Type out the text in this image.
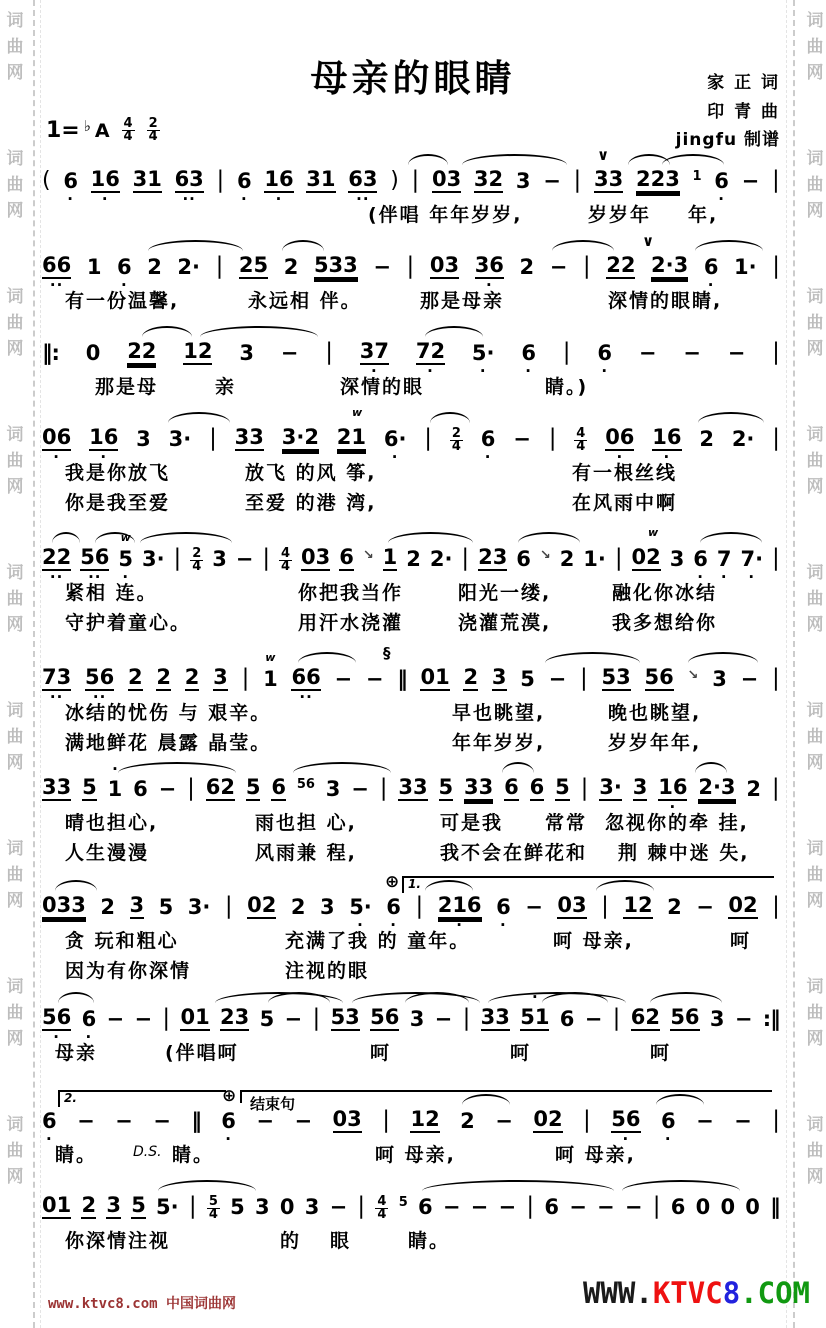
词
曲
网
词
曲
网
词
曲
网
词
曲
网
词
曲
网
词
曲
网
词
曲
网
词
曲
网
词
曲
网
词
曲
网
词
曲
网
词
曲
网
词
曲
网
词
曲
网
词
曲
网
词
曲
网
词
曲
网
词
曲
网
母亲的眼睛	家 正 词
印 青 曲
jingfu 制谱
1= ♭ A $\frac{4}{4} \frac{2}{4}$
∨
( 6
·
16
·
31 63
··
| 6
·
16
·
31 63
··
) | 03 32 3 − | 33 223 1 6
·
− |
(伴唱 年年岁岁,	岁岁年 年,
∨
66
··
1 6
·
2 2· | 25 2 533 − | 03 36
·
2 − | 22 2·3 6
·
1· |
有一份温馨,	永远相 伴。	那是母亲	深情的眼睛,
‖: 0 22 12 3 − | 37
·
72
·
5·
·
6
·
| 6
·
− − − |
那是母	亲	深情的眼	睛。)
w
06
·
16
·
3 3· | 33 3·2 21 6·
·
| $\frac{2}{4} 6$
·
− | $\frac{4}{4} 06$
·
16
·
2 2· |
我是你放飞	放飞 的风 筝,	有一根丝线
你是我至爱	至爱 的港 湾,	在风雨中啊
w
22
··
56
··
5
·
w
3· | $\frac{2}{4} 3$ − | $\frac{4}{4} 03$ 6 ↘ 1 2 2· | 23 6 ↘ 2 1· | 02 3 6
·
7
·
7·
·
|
紧相 连。	你把我当作	阳光一缕,	融化你冰结
守护着童心。	用汗水浇灌	浇灌荒漠,	我多想给你
§
73
··
56
··
2 2 2 3 | 1
w
66
··
− − ‖ 01 2 3 5 − | 53 56 ↘ 3 − |
冰结的忧伤 与 艰辛。	早也眺望,	晚也眺望,
满地鲜花 晨露 晶莹。	年年岁岁,	岁岁年年,
33 5 1
·
6 − | 62 5 6 56 3 − | 33 5 33 6 6 5 | 3· 3 16
·
2·3 2 |
晴也担心,	雨也担 心,	可是我 常常 忽视你的牵 挂,
人生漫漫	风雨兼 程,	我不会在鲜花和 荆 棘中迷 失,
⊕ 1.
033 2 3 5 3· | 02 2 3 5·
·
6
·
| 216
·
6
·
− 03 | 12 2 − 02 |
贪 玩和粗心	充满了我 的 童年。	呵 母亲,	呵
因为有你深情	注视的眼
56
·
6
·
− − | 01 23 5 − | 53 56 3 − | 33 51
·
6 − | 62 56 3 − :‖
母亲	(伴唱呵	呵	呵	呵
2.	⊕ 结束句
6
·
− − − ‖ 6
·
− − 03 | 12 2 − 02 | 56
·
6
·
− − |
睛。	D.S. 睛。	呵 母亲,	呵 母亲,
01 2 3 5 5· | $\frac{5}{4} 5$ 3 0 3 − | $\frac{4}{4} 5$ 6 − − − | 6 − − − | 6 0 0 0 ‖
你深情注视	的 眼	睛。
www.ktvc8.com 中国词曲网	WWW.KTVC8.COM
